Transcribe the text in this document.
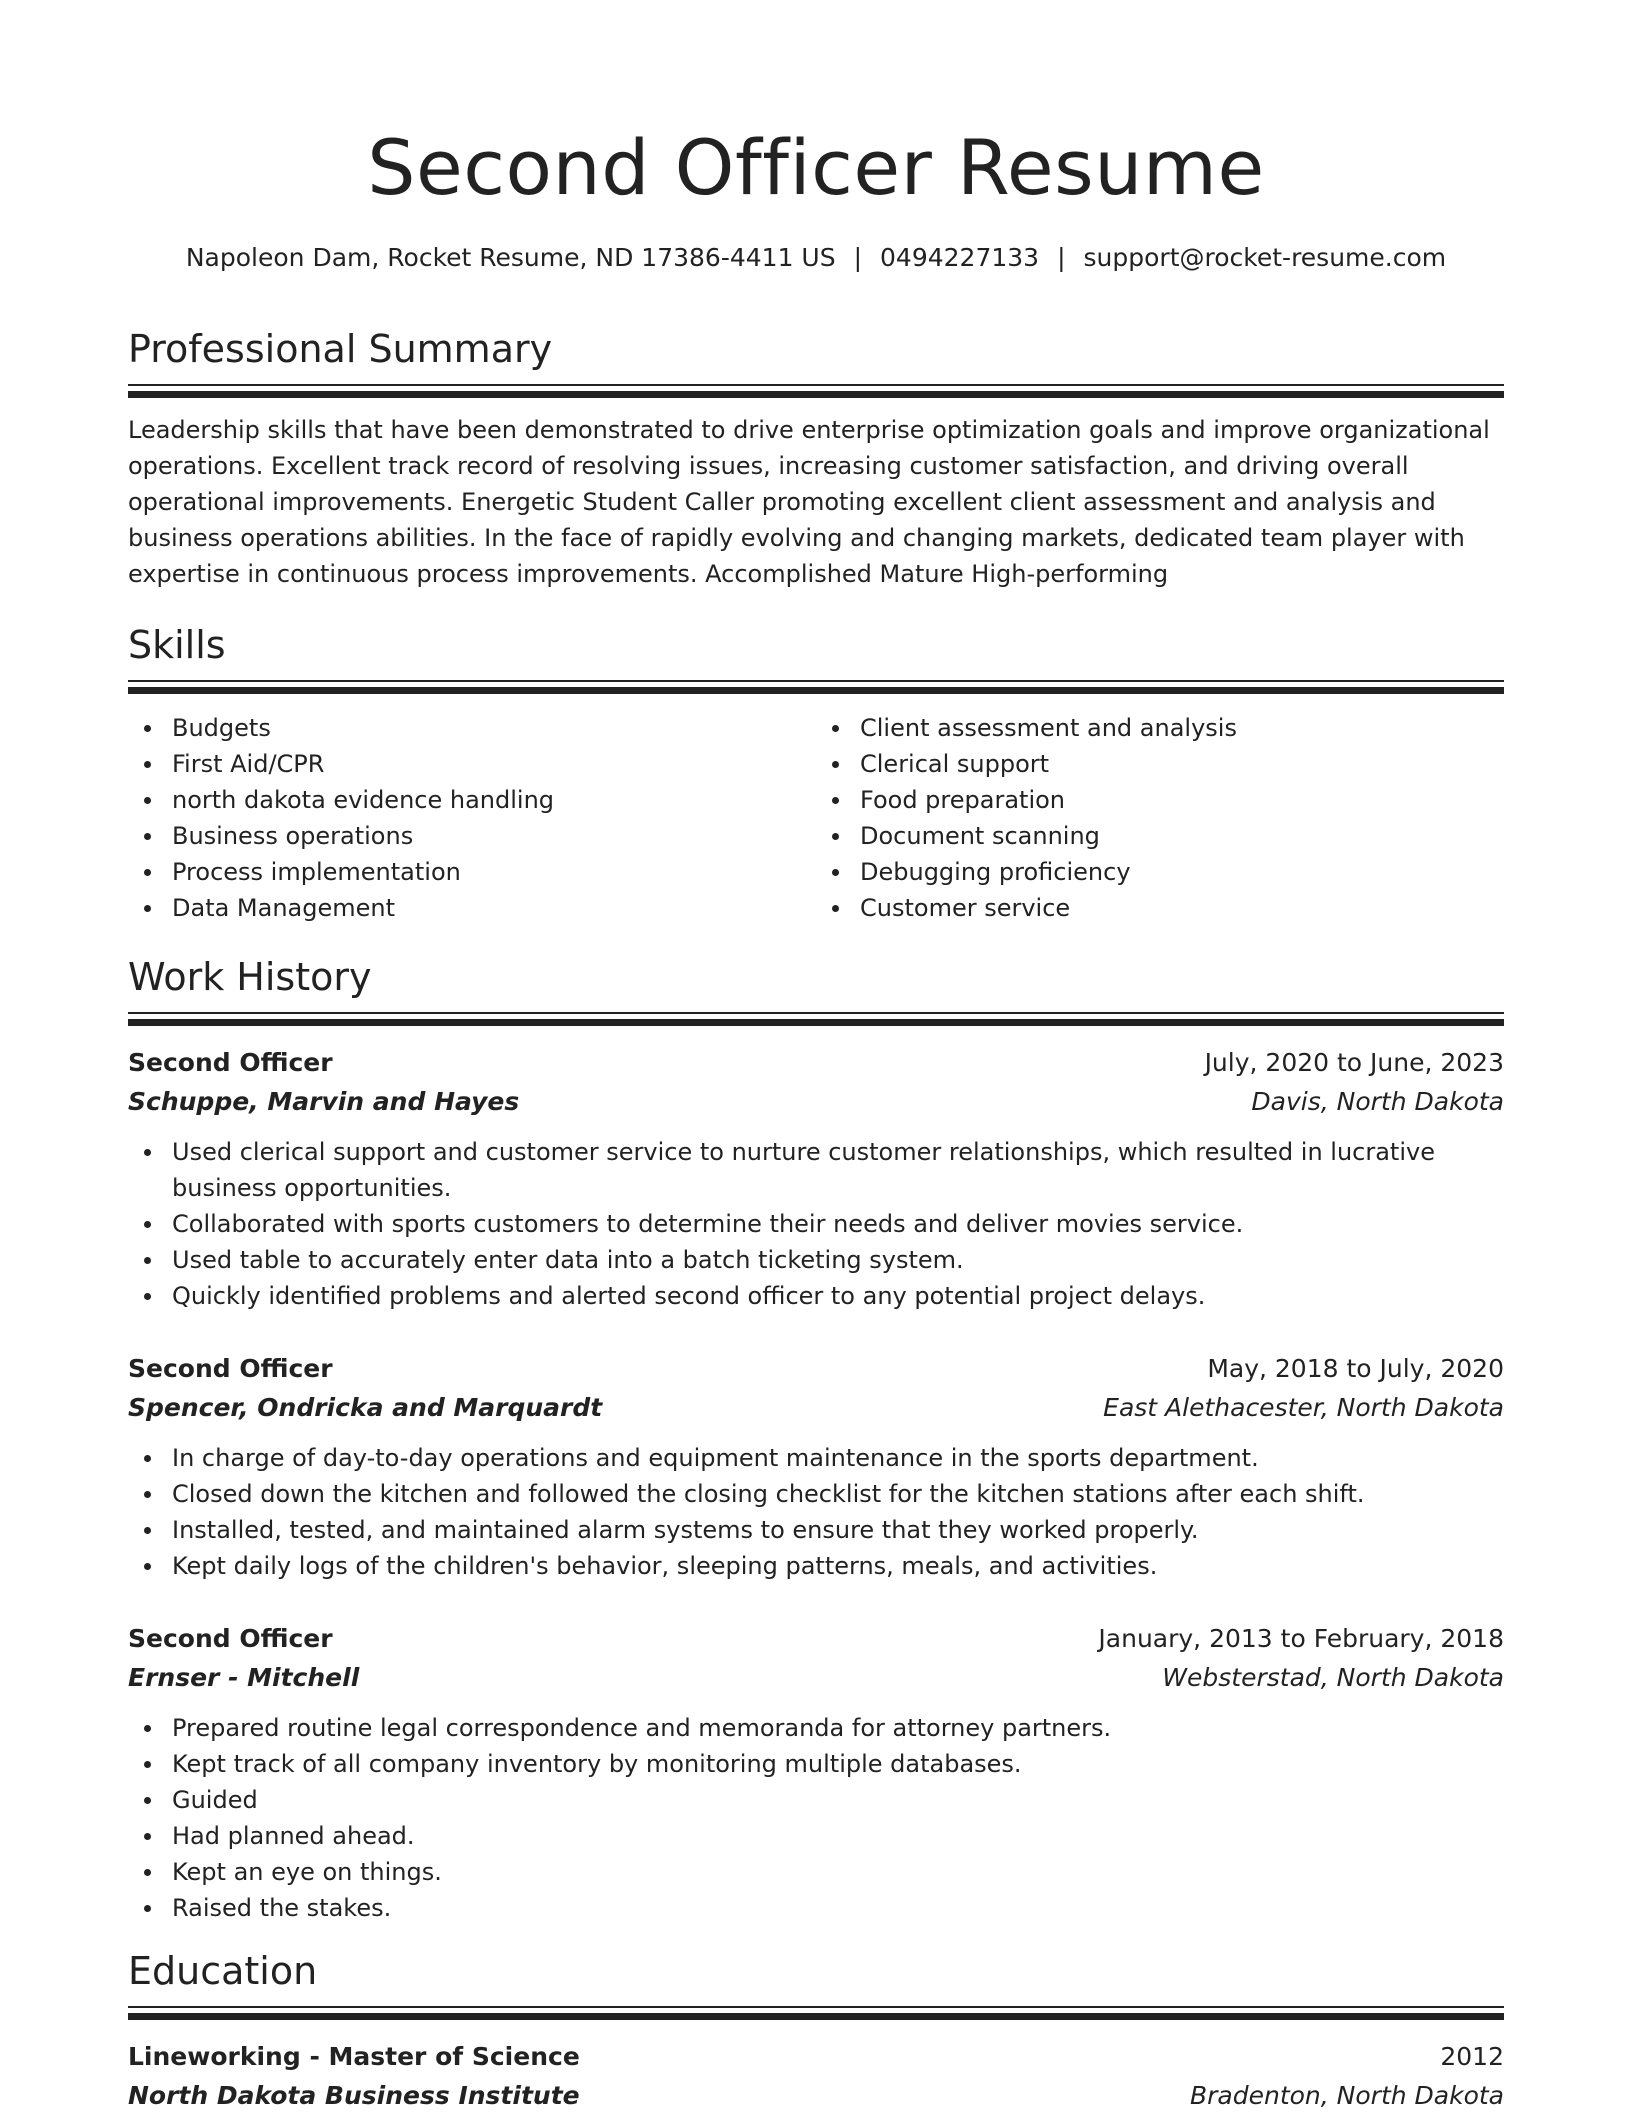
Second Officer Resume
Napoleon Dam, Rocket Resume, ND 17386-4411 US | 0494227133 | support@rocket-resume.com
Professional Summary

Leadership skills that have been demonstrated to drive enterprise optimization goals and improve organizational operations. Excellent track record of resolving issues, increasing customer satisfaction, and driving overall operational improvements. Energetic Student Caller promoting excellent client assessment and analysis and business operations abilities. In the face of rapidly evolving and changing markets, dedicated team player with expertise in continuous process improvements. Accomplished Mature High-performing

Skills
Budgets
First Aid/CPR
north dakota evidence handling
Business operations
Process implementation
Data Management
Client assessment and analysis
Clerical support
Food preparation
Document scanning
Debugging proficiency
Customer service
Work History
Second Officer	July, 2020 to June, 2023
Schuppe, Marvin and Hayes	Davis, North Dakota
Used clerical support and customer service to nurture customer relationships, which resulted in lucrative business opportunities.
Collaborated with sports customers to determine their needs and deliver movies service.
Used table to accurately enter data into a batch ticketing system.
Quickly identified problems and alerted second officer to any potential project delays.
Second Officer	May, 2018 to July, 2020
Spencer, Ondricka and Marquardt	East Alethacester, North Dakota
In charge of day-to-day operations and equipment maintenance in the sports department.
Closed down the kitchen and followed the closing checklist for the kitchen stations after each shift.
Installed, tested, and maintained alarm systems to ensure that they worked properly.
Kept daily logs of the children's behavior, sleeping patterns, meals, and activities.
Second Officer	January, 2013 to February, 2018
Ernser - Mitchell	Websterstad, North Dakota
Prepared routine legal correspondence and memoranda for attorney partners.
Kept track of all company inventory by monitoring multiple databases.
Guided
Had planned ahead.
Kept an eye on things.
Raised the stakes.
Education
Lineworking - Master of Science	2012
North Dakota Business Institute	Bradenton, North Dakota
